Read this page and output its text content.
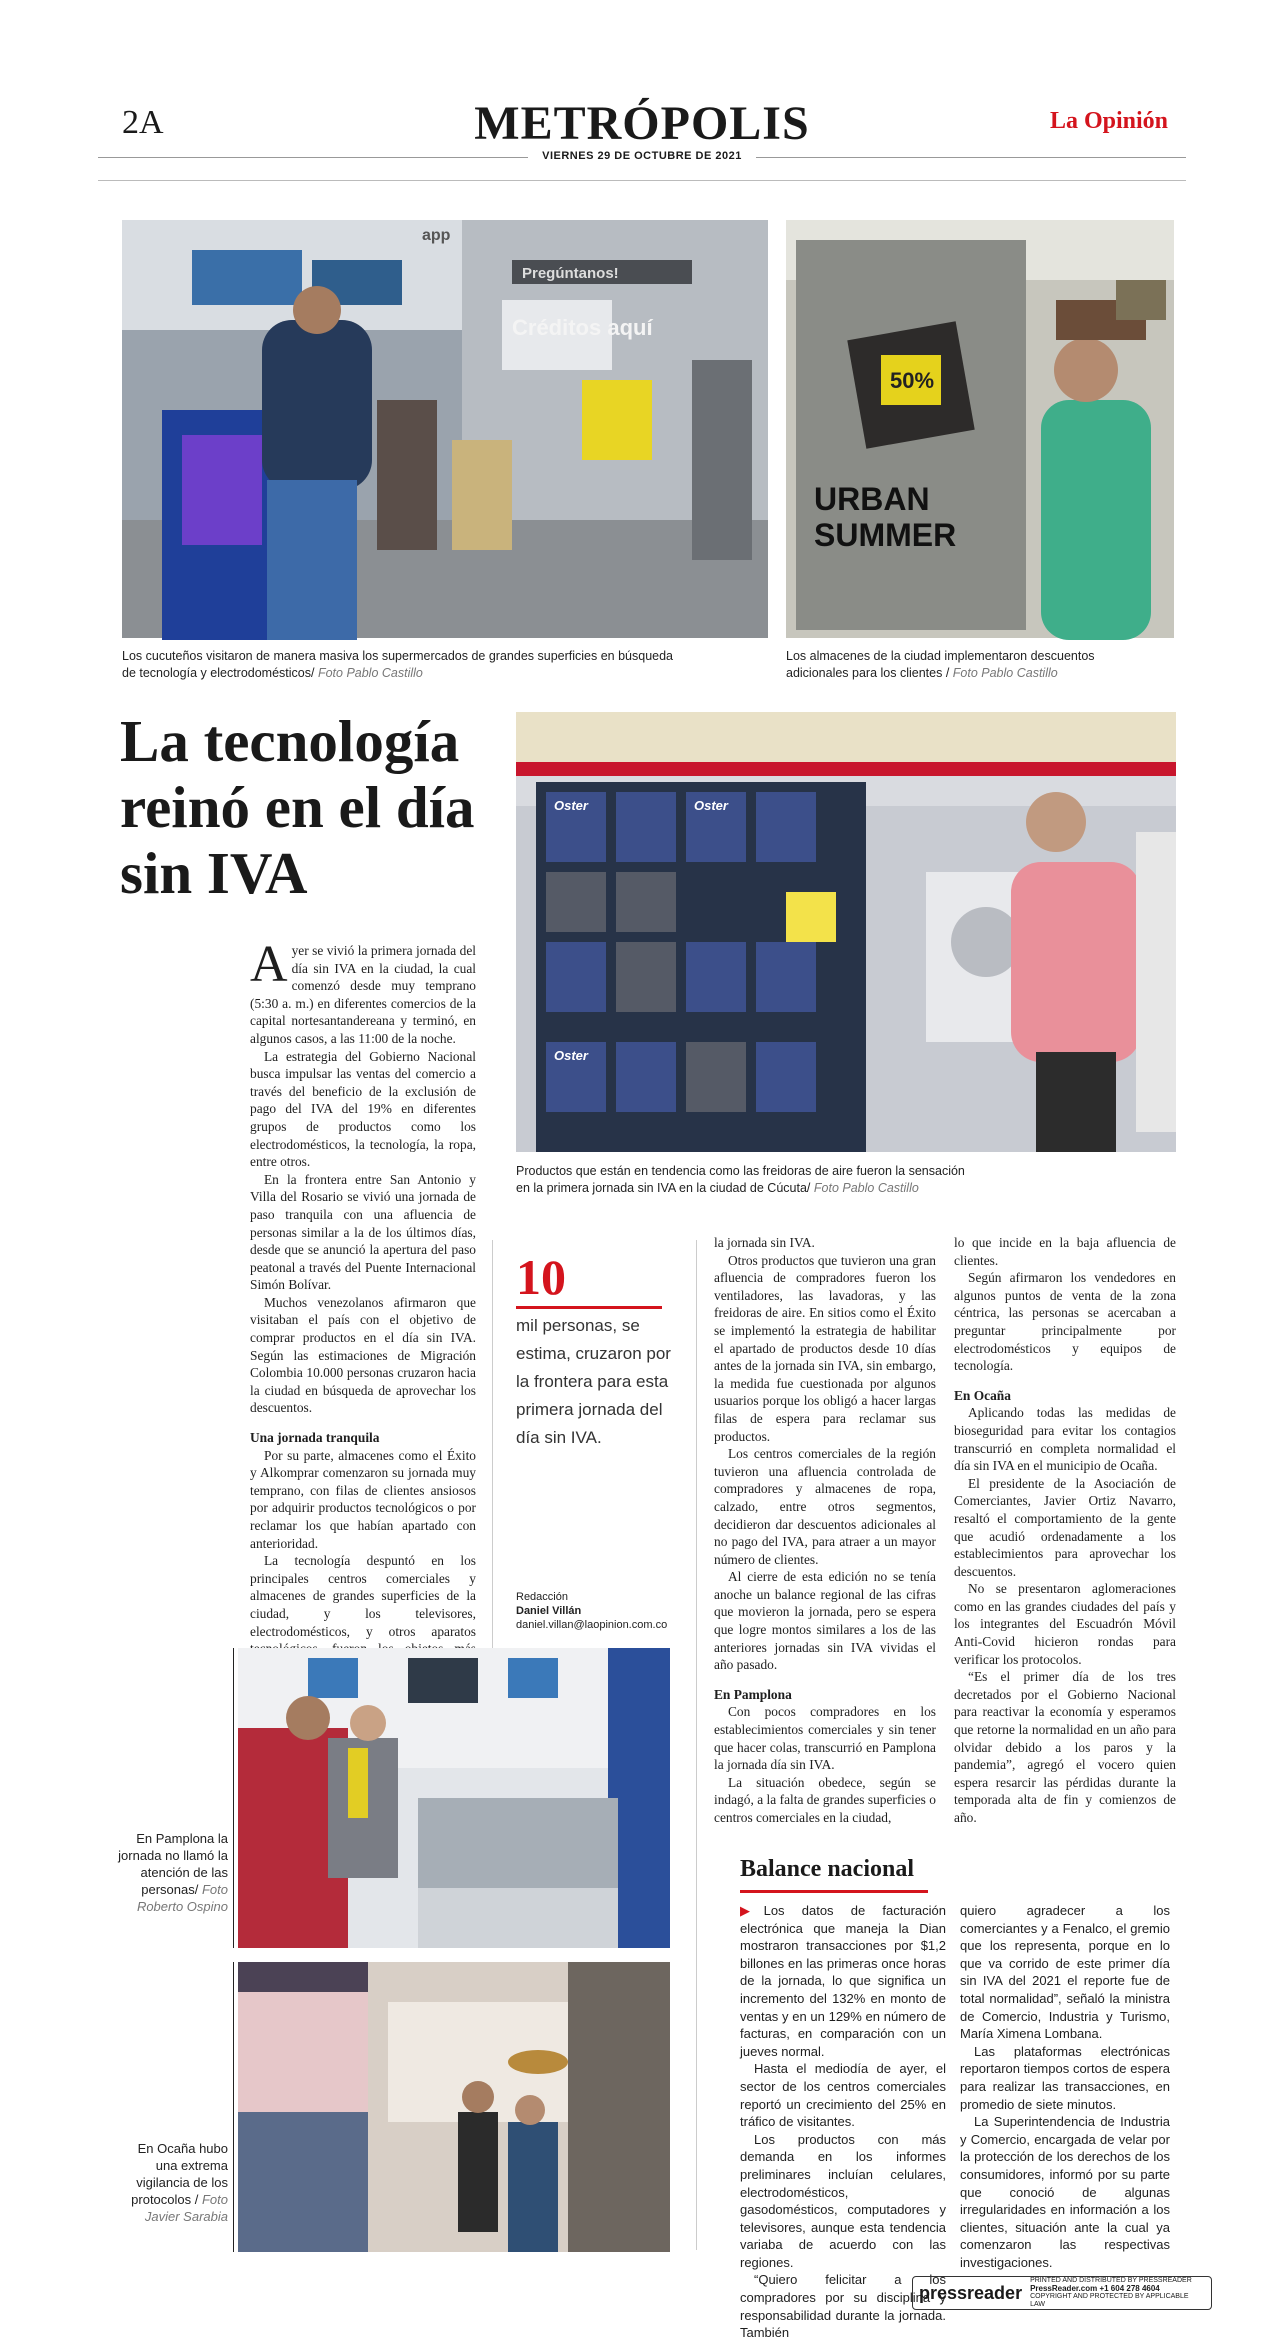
2A	METRÓPOLIS	La Opinión
VIERNES 29 DE OCTUBRE DE 2021
Pregúntanos!
Créditos aquí
app
Los cucuteños visitaron de manera masiva los supermercados de grandes superficies en búsqueda de tecnología y electrodomésticos/ Foto Pablo Castillo
50%
URBAN
SUMMER
Los almacenes de la ciudad implementaron descuentos adicionales para los clientes / Foto Pablo Castillo
La tecnología reinó en el día sin IVA
Oster	Oster
Oster
Productos que están en tendencia como las freidoras de aire fueron la sensación en la primera jornada sin IVA en la ciudad de Cúcuta/ Foto Pablo Castillo

Ayer se vivió la primera jornada del día sin IVA en la ciudad, la cual comenzó desde muy temprano (5:30 a. m.) en diferentes comercios de la capital nortesantandereana y terminó, en algunos casos, a las 11:00 de la noche.

La estrategia del Gobierno Nacional busca impulsar las ventas del comercio a través del beneficio de la exclusión de pago del IVA del 19% en diferentes grupos de productos como los electrodomésticos, la tecnología, la ropa, entre otros.

En la frontera entre San Antonio y Villa del Rosario se vivió una jornada de paso tranquila con una afluencia de personas similar a la de los últimos días, desde que se anunció la apertura del paso peatonal a través del Puente Internacional Simón Bolívar.

Muchos venezolanos afirmaron que visitaban el país con el objetivo de comprar productos en el día sin IVA. Según las estimaciones de Migración Colombia 10.000 personas cruzaron hacia la ciudad en búsqueda de aprovechar los descuentos.

Una jornada tranquila

Por su parte, almacenes como el Éxito y Alkomprar comenzaron su jornada muy temprano, con filas de clientes ansiosos por adquirir productos tecnológicos o por reclamar los que habían apartado con anterioridad.

La tecnología despuntó en los principales centros comerciales y almacenes de grandes superficies de la ciudad, y los televisores, electrodomésticos, y otros aparatos

10
mil personas, se estima, cruzaron por la frontera para esta primera jornada del día sin IVA.
Redacción
Daniel Villán
daniel.villan@laopinion.com.co

la jornada sin IVA.

Otros productos que tuvieron una gran afluencia de compradores fueron los ventiladores, las lavadoras, y las freidoras de aire. En sitios como el Éxito se implementó la estrategia de habilitar el apartado de productos desde 10 días antes de la jornada sin IVA, sin embargo, la medida fue cuestionada por algunos usuarios porque los obligó a hacer largas filas de espera para reclamar sus productos.

Los centros comerciales de la región tuvieron una afluencia controlada de compradores y almacenes de ropa, calzado, entre otros segmentos, decidieron dar descuentos adicionales al no pago del IVA, para atraer a un mayor número de clientes.

Al cierre de esta edición no se tenía anoche un balance regional de las cifras que movieron la jornada, pero se espera que logre montos similares a los de las anteriores jornadas sin IVA vividas el año pasado.

En Pamplona

Con pocos compradores en los establecimientos comerciales y sin tener que hacer colas, transcurrió en Pamplona la jornada día sin IVA.

La situación obedece, según se indagó, a la falta de grandes superficies o centros comerciales en la ciudad,

lo que incide en la baja afluencia de clientes.

Según afirmaron los vendedores en algunos puntos de venta de la zona céntrica, las personas se acercaban a preguntar principalmente por electrodomésticos y equipos de tecnología.

En Ocaña

Aplicando todas las medidas de bioseguridad para evitar los contagios transcurrió en completa normalidad el día sin IVA en el municipio de Ocaña.

El presidente de la Asociación de Comerciantes, Javier Ortiz Navarro, resaltó el comportamiento de la gente que acudió ordenadamente a los establecimientos para aprovechar los descuentos.

No se presentaron aglomeraciones como en las grandes ciudades del país y los integrantes del Escuadrón Móvil Anti-Covid hicieron rondas para verificar los protocolos.

“Es el primer día de los tres decretados por el Gobierno Nacional para reactivar la economía y esperamos que retorne la normalidad en un año para olvidar debido a los paros y la pandemia”, agregó el vocero quien espera resarcir las pérdidas durante la temporada alta de fin y comienzos de año.

En Pamplona la jornada no llamó la atención de las personas/ Foto Roberto Ospino
En Ocaña hubo una extrema vigilancia de los protocolos / Foto Javier Sarabia
Balance nacional

▶Los datos de facturación electrónica que maneja la Dian mostraron transacciones por $1,2 billones en las primeras once horas de la jornada, lo que significa un incremento del 132% en monto de ventas y en un 129% en número de facturas, en comparación con un jueves normal.

Hasta el mediodía de ayer, el sector de los centros comerciales reportó un crecimiento del 25% en tráfico de visitantes.

Los productos con más demanda en los informes preliminares incluían celulares, electrodomésticos, gasodomésticos, computadores y televisores, aunque esta tendencia variaba de acuerdo con las regiones.

“Quiero felicitar a los compradores por su disciplina y responsabilidad durante la jornada. También

quiero agradecer a los comerciantes y a Fenalco, el gremio que los representa, porque en lo que va corrido de este primer día sin IVA del 2021 el reporte fue de total normalidad”, señaló la ministra de Comercio, Industria y Turismo, María Ximena Lombana.

Las plataformas electrónicas reportaron tiempos cortos de espera para realizar las transacciones, en promedio de siete minutos.

La Superintendencia de Industria y Comercio, encargada de velar por la protección de los derechos de los consumidores, informó por su parte que conoció de algunas irregularidades en información a los clientes, situación ante la cual ya comenzaron las respectivas investigaciones.

pressreader
PRINTED AND DISTRIBUTED BY PRESSREADER
PressReader.com +1 604 278 4604
COPYRIGHT AND PROTECTED BY APPLICABLE LAW
